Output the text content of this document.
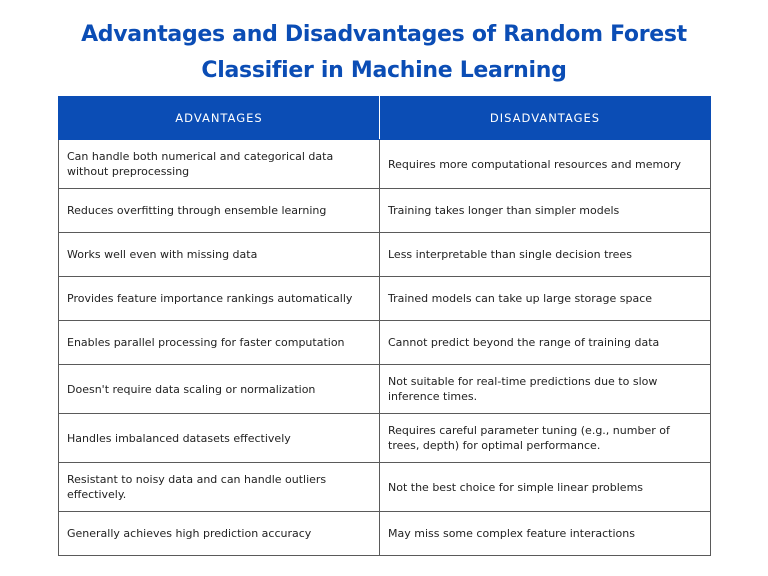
Advantages and Disadvantages of Random Forest
Classifier in Machine Learning
ADVANTAGES	DISADVANTAGES
Can handle both numerical and categorical data without preprocessing	Requires more computational resources and memory
Reduces overfitting through ensemble learning	Training takes longer than simpler models
Works well even with missing data	Less interpretable than single decision trees
Provides feature importance rankings automatically	Trained models can take up large storage space
Enables parallel processing for faster computation	Cannot predict beyond the range of training data
Doesn't require data scaling or normalization	Not suitable for real-time predictions due to slow inference times.
Handles imbalanced datasets effectively	Requires careful parameter tuning (e.g., number of trees, depth) for optimal performance.
Resistant to noisy data and can handle outliers effectively.	Not the best choice for simple linear problems
Generally achieves high prediction accuracy	May miss some complex feature interactions
